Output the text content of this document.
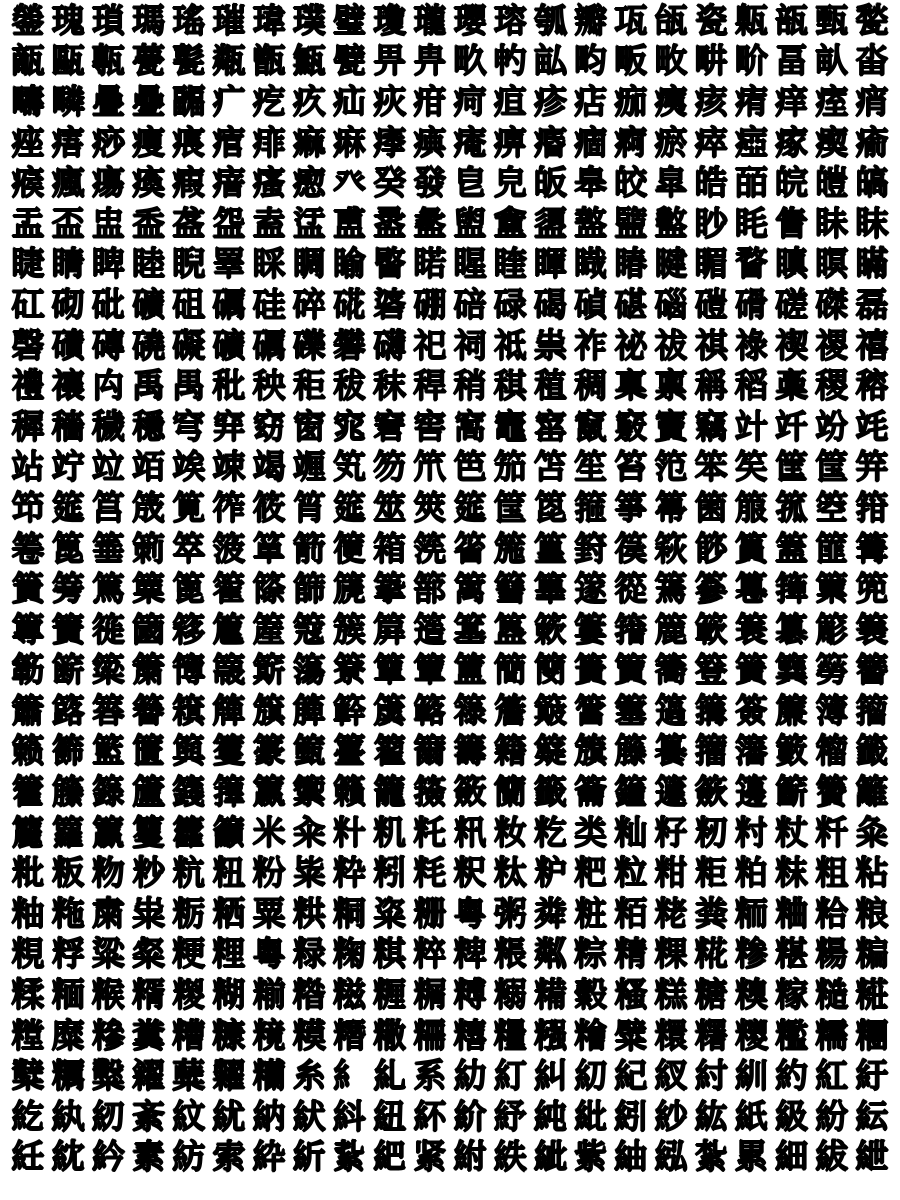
鎣 瑰 瑣 瑪 瑤 璀 瑋 璞 璧 瓊 瓏 瓔 瑢 瓠 瓣 瓨 瓵 瓷 甈 瓿 甄 甃
甋 甌 甎 甍 甏 甐 甑 甒 甓 畀 畁 畂 畃 畆 畇 畈 畋 畊 畍 畐 畒 畓
疇 疄 疊 疉 疈 疒 疙 疚 疝 疢 疳 疴 疸 疹 痁 痂 痍 痎 痏 痒 痓 痟
痤 痦 痧 痩 痮 痯 痱 痲 痳 痵 痶 痷 痹 痻 痼 痾 瘀 瘁 瘂 瘃 瘈 瘉
瘊 瘋 瘍 瘓 瘕 瘖 瘙 瘛 癶 癸 發 皀 皃 皈 皋 皎 皐 皓 皕 皖 皚 皜
盂 盃 盅 盉 盋 盌 盍 盓 盙 盝 盠 盥 盦 盨 盩 盬 盭 眇 眊 眚 眛 眜
睫 睛 睥 睦 睨 睪 睬 睭 睮 睯 睰 睲 睳 睴 睵 睶 睷 睸 瞀 瞋 瞑 瞞
矼 砌 砒 礦 砠 礪 硅 碎 硴 碆 硼 碚 碌 碣 碵 碪 碯 磑 磆 磋 磔 磊
磬 磧 磚 磽 礙 礦 礪 礫 礬 礴 祀 祠 祗 祟 祚 祕 祓 祺 祿 禊 禝 禧
禮 禳 禸 禹 禺 秕 秧 秬 秡 秣 稈 稍 稘 稙 稠 稟 禀 稱 稻 稾 稷 穃
穉 穡 穢 穩 穹 穽 窈 窗 窕 窘 窖 窩 竈 窰 竄 竅 竇 竊 竍 竏 竕 竓
站 竚 竝 竡 竢 竦 竭 竰 笂 笏 笊 笆 笳 笘 笙 笞 笵 笨 笶 筐 筺 笄
笻 筵 筥 筬 筧 筰 筱 筲 筵 筮 筴 筵 筺 箆 箍 箏 箒 箘 箙 箛 箜 箝
箞 箟 箠 箣 箤 箥 箪 箭 箯 箱 箲 箵 箷 篁 篈 篌 篍 篎 篔 篕 篚 篝
篢 篣 篤 篥 篦 篧 篨 篩 篪 篫 篰 篱 篲 篳 篴 篵 篶 篸 篹 篺 篻 篼
篿 簀 簁 簂 簃 簄 簅 簆 簇 簈 簉 簊 簋 簌 簍 簎 簏 簐 簑 簒 簓 簔
簕 簖 簗 簘 簙 簚 簛 簜 簝 簞 簟 簠 簡 簢 簣 簤 簥 簦 簧 簨 簩 簪
簫 簬 簭 簮 簯 簰 簱 簲 簳 簴 簵 簶 簷 簸 簹 簺 簻 簼 簽 簾 簿 籀
籁 籂 籃 籄 籅 籆 籇 籈 籉 籊 籋 籌 籍 籎 籏 籐 籑 籒 籓 籔 籕 籖
籗 籘 籙 籚 籛 籜 籝 籞 籟 籠 籡 籢 籣 籤 籥 籦 籧 籨 籩 籪 籫 籬
籭 籮 籯 籰 籱 籲 米 籴 籵 籶 籷 籸 籹 籺 类 籼 籽 籾 籿 粀 粁 粂
粃 粄 粅 粆 粇 粈 粉 粊 粋 粌 粍 粎 粏 粐 粑 粒 粓 粔 粕 粖 粗 粘
粙 粚 粛 粜 粝 粞 粟 粠 粡 粢 粣 粤 粥 粦 粧 粨 粩 粪 粫 粬 粭 粮
粯 粰 粱 粲 粳 粴 粵 粶 粷 粸 粹 粺 粻 粼 粽 精 粿 糀 糁 糂 糃 糄
糅 糆 糇 糈 糉 糊 糋 糌 糍 糎 糏 糐 糑 糒 糓 糔 糕 糖 糗 糘 糙 糚
糛 糜 糝 糞 糟 糠 糡 糢 糣 糤 糥 糦 糧 糨 糩 糪 糫 糬 糭 糮 糯 糰
糱 糲 糳 糴 糵 糶 糷 糸 糹 糺 系 糼 糽 糾 糿 紀 紁 紂 紃 約 紅 紆
紇 紈 紉 紊 紋 紌 納 紎 紏 紐 紑 紒 紓 純 紕 紖 紗 紘 紙 級 紛 紜
紝 紞 紟 素 紡 索 紣 紤 紥 紦 紧 紨 紩 紪 紫 紬 紭 紮 累 細 紱 紲
